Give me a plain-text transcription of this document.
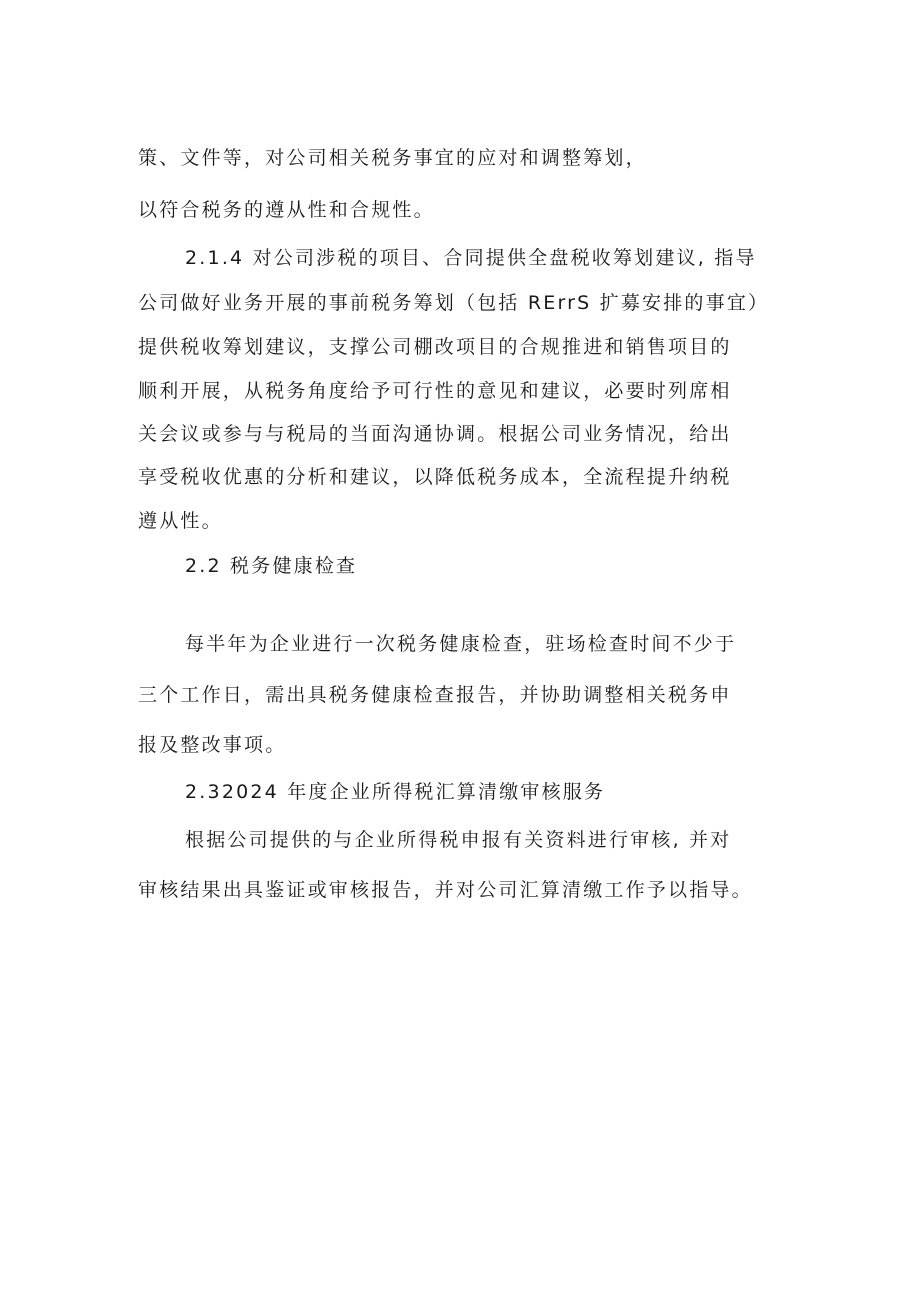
策、文件等，对公司相关税务事宜的应对和调整筹划，
以符合税务的遵从性和合规性。
2.1.4 对公司涉税的项目、合同提供全盘税收筹划建议, 指导
公司做好业务开展的事前税务筹划（包括 RErrS 扩募安排的事宜）
提供税收筹划建议，支撑公司棚改项目的合规推进和销售项目的
顺利开展，从税务角度给予可行性的意见和建议，必要时列席相
关会议或参与与税局的当面沟通协调。根据公司业务情况，给出
享受税收优惠的分析和建议，以降低税务成本，全流程提升纳税
遵从性。
2.2 税务健康检查
每半年为企业进行一次税务健康检查，驻场检查时间不少于
三个工作日，需出具税务健康检查报告，并协助调整相关税务申
报及整改事项。
2.32024 年度企业所得税汇算清缴审核服务
根据公司提供的与企业所得税申报有关资料进行审核, 并对
审核结果出具鉴证或审核报告，并对公司汇算清缴工作予以指导。
